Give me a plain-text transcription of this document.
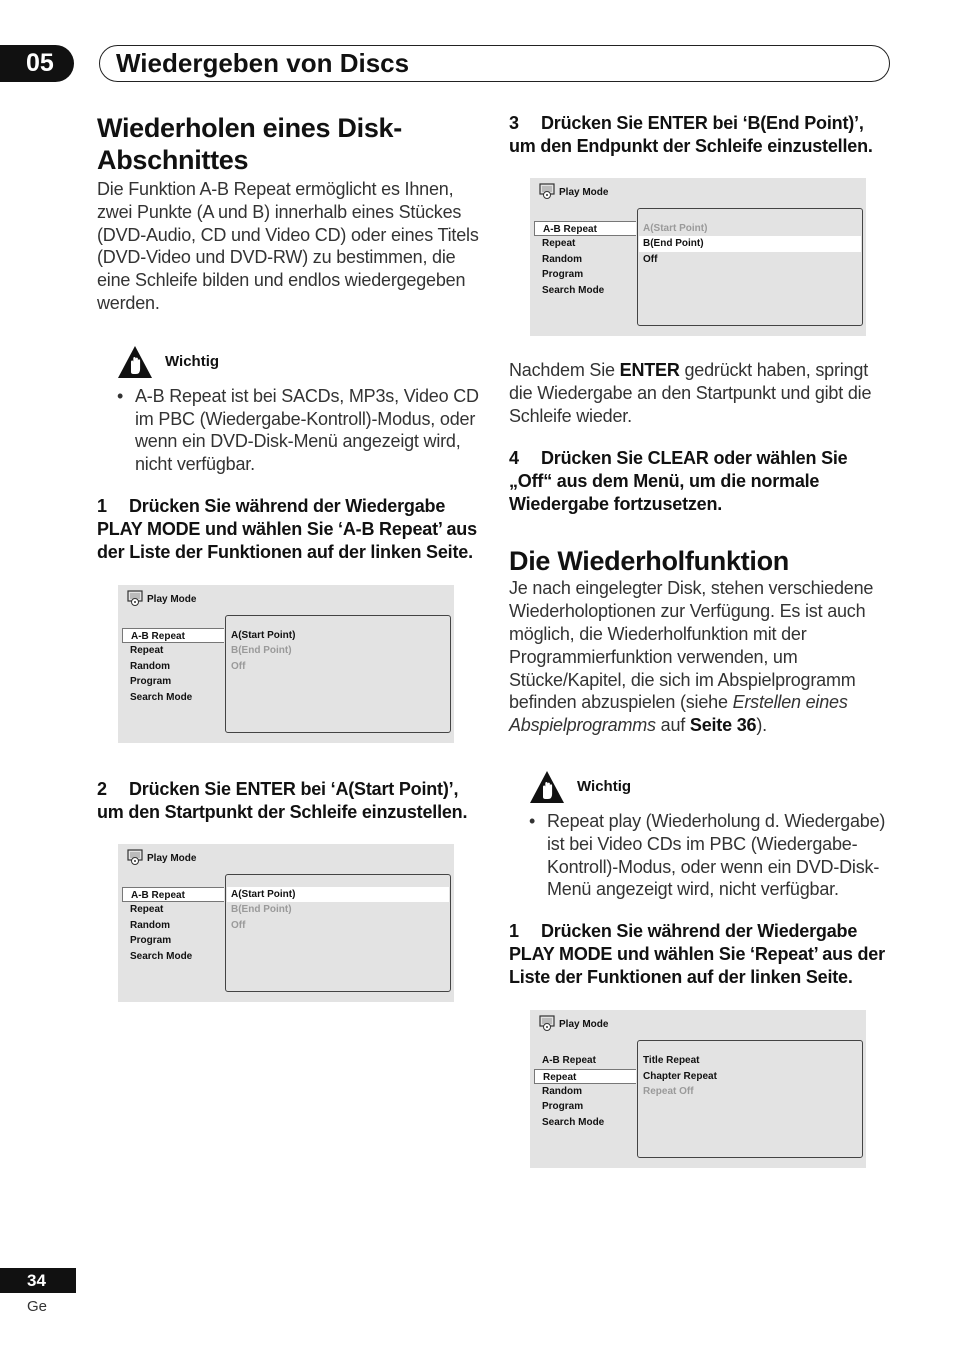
05	Wiedergeben von Discs
Wiederholen eines Disk-
Abschnittes

Die Funktion A-B Repeat ermöglicht es Ihnen, zwei Punkte (A und B) innerhalb eines Stückes (DVD-Audio, CD und Video CD) oder eines Titels (DVD-Video und DVD-RW) zu bestimmen, die eine Schleife bilden und endlos wiedergegeben werden.

Wichtig
• A-B Repeat ist bei SACDs, MP3s, Video CD im PBC (Wiedergabe-Kontroll)-Modus, oder wenn ein DVD-Disk-Menü angezeigt wird, nicht verfügbar.

1 Drücken Sie während der Wiedergabe PLAY MODE und wählen Sie ‘A-B Repeat’ aus der Liste der Funktionen auf der linken Seite.

Play Mode
A-B Repeat
Repeat
Random
Program
Search Mode
A(Start Point)
B(End Point)
Off

2 Drücken Sie ENTER bei ‘A(Start Point)’, um den Startpunkt der Schleife einzustellen.

Play Mode
A-B Repeat
Repeat
Random
Program
Search Mode
A(Start Point)
B(End Point)
Off

3 Drücken Sie ENTER bei ‘B(End Point)’, um den Endpunkt der Schleife einzustellen.

Play Mode
A-B Repeat
Repeat
Random
Program
Search Mode
A(Start Point)
B(End Point)
Off

Nachdem Sie ENTER gedrückt haben, springt die Wiedergabe an den Startpunkt und gibt die Schleife wieder.

4 Drücken Sie CLEAR oder wählen Sie „Off“ aus dem Menü, um die normale Wiedergabe fortzusetzen.

Die Wiederholfunktion

Je nach eingelegter Disk, stehen verschiedene Wiederholoptionen zur Verfügung. Es ist auch möglich, die Wiederholfunktion mit der Programmierfunktion verwenden, um Stücke/Kapitel, die sich im Abspielprogramm befinden abzuspielen (siehe Erstellen eines Abspielprogramms auf Seite 36).

Wichtig
• Repeat play (Wiederholung d. Wiedergabe) ist bei Video CDs im PBC (Wiedergabe-Kontroll)-Modus, oder wenn ein DVD-Disk-Menü angezeigt wird, nicht verfügbar.

1 Drücken Sie während der Wiedergabe PLAY MODE und wählen Sie ‘Repeat’ aus der Liste der Funktionen auf der linken Seite.

Play Mode
A-B Repeat
Repeat
Random
Program
Search Mode
Title Repeat
Chapter Repeat
Repeat Off
34
Ge
